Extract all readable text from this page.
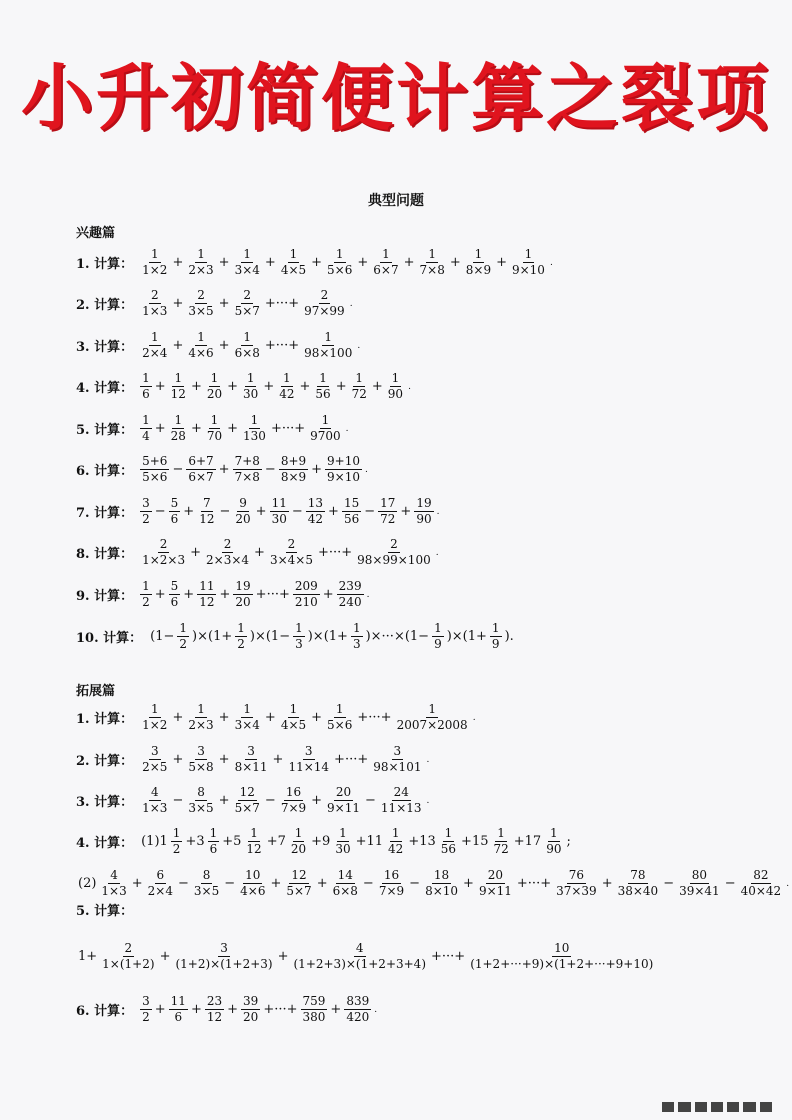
小升初简便计算之裂项
典型问题
兴趣篇
1. 计算： $\frac{1}{1\times 2} + \frac{1}{2\times 3} + \frac{1}{3\times 4} + \frac{1}{4\times 5} + \frac{1}{5\times 6} + \frac{1}{6\times 7} + \frac{1}{7\times 8} + \frac{1}{8\times 9} + \frac{1}{9\times 10}$ .
2. 计算： $\frac{2}{1\times 3} + \frac{2}{3\times 5} + \frac{2}{5\times 7}$ +···+ $\frac{2}{97\times 99}$ .
3. 计算： $\frac{1}{2\times 4} + \frac{1}{4\times 6} + \frac{1}{6\times 8}$ +···+ $\frac{1}{98\times 100}$ .
4. 计算： $\frac{1}{6} + \frac{1}{12} + \frac{1}{20} + \frac{1}{30} + \frac{1}{42} + \frac{1}{56} + \frac{1}{72} + \frac{1}{90}$ .
5. 计算： $\frac{1}{4} + \frac{1}{28} + \frac{1}{70} + \frac{1}{130}$ +···+ $\frac{1}{9700}$ .
6. 计算： $\frac{5+6}{5\times 6} - \frac{6+7}{6\times 7} + \frac{7+8}{7\times 8} - \frac{8+9}{8\times 9} + \frac{9+10}{9\times 10}$ .
7. 计算： $\frac{3}{2} - \frac{5}{6} + \frac{7}{12} - \frac{9}{20} + \frac{11}{30} - \frac{13}{42} + \frac{15}{56} - \frac{17}{72} + \frac{19}{90}$ .
8. 计算： $\frac{2}{1\times 2\times 3} + \frac{2}{2\times 3\times 4} + \frac{2}{3\times 4\times 5}$ +···+ $\frac{2}{98\times 99\times 100}$ .
9. 计算： $\frac{1}{2} + \frac{5}{6} + \frac{11}{12} + \frac{19}{20}$ +···+ $\frac{209}{210} + \frac{239}{240}$ .
10. 计算： $(1- \frac{1}{2} )\times(1+ \frac{1}{2} )\times(1- \frac{1}{3} )\times(1+ \frac{1}{3} )\times\cdot\cdot\cdot\times(1- \frac{1}{9} )\times(1+ \frac{1}{9}$ ).
拓展篇
1. 计算： $\frac{1}{1\times 2} + \frac{1}{2\times 3} + \frac{1}{3\times 4} + \frac{1}{4\times 5} + \frac{1}{5\times 6}$ +···+ $\frac{1}{2007\times 2008}$ .
2. 计算： $\frac{3}{2\times 5} + \frac{3}{5\times 8} + \frac{3}{8\times 11} + \frac{3}{11\times 14}$ +···+ $\frac{3}{98\times 101}$ .
3. 计算： $\frac{4}{1\times 3} - \frac{8}{3\times 5} + \frac{12}{5\times 7} - \frac{16}{7\times 9} + \frac{20}{9\times 11} - \frac{24}{11\times 13}$ .
4. 计算： $(1)1 \frac{1}{2} +3 \frac{1}{6} +5 \frac{1}{12} +7 \frac{1}{20} +9 \frac{1}{30} +11 \frac{1}{42} +13 \frac{1}{56} +15 \frac{1}{72} +17 \frac{1}{90}$ ;
$(2) \frac{4}{1\times 3} + \frac{6}{2\times 4} - \frac{8}{3\times 5} - \frac{10}{4\times 6} + \frac{12}{5\times 7} + \frac{14}{6\times 8} - \frac{16}{7\times 9} - \frac{18}{8\times 10} + \frac{20}{9\times 11}$ +···+ $\frac{76}{37\times 39} + \frac{78}{38\times 40} - \frac{80}{39\times 41} - \frac{82}{40\times 42}$ .
5. 计算：
$1+ \frac{2}{1\times(1+2)} + \frac{3}{(1+2)\times(1+2+3)} + \frac{4}{(1+2+3)\times(1+2+3+4)}$ +···+ $\frac{10}{(1+2+\cdot\cdot\cdot+9)\times(1+2+\cdot\cdot\cdot+9+10)}$
6. 计算： $\frac{3}{2} + \frac{11}{6} + \frac{23}{12} + \frac{39}{20}$ +···+ $\frac{759}{380} + \frac{839}{420}$ .
